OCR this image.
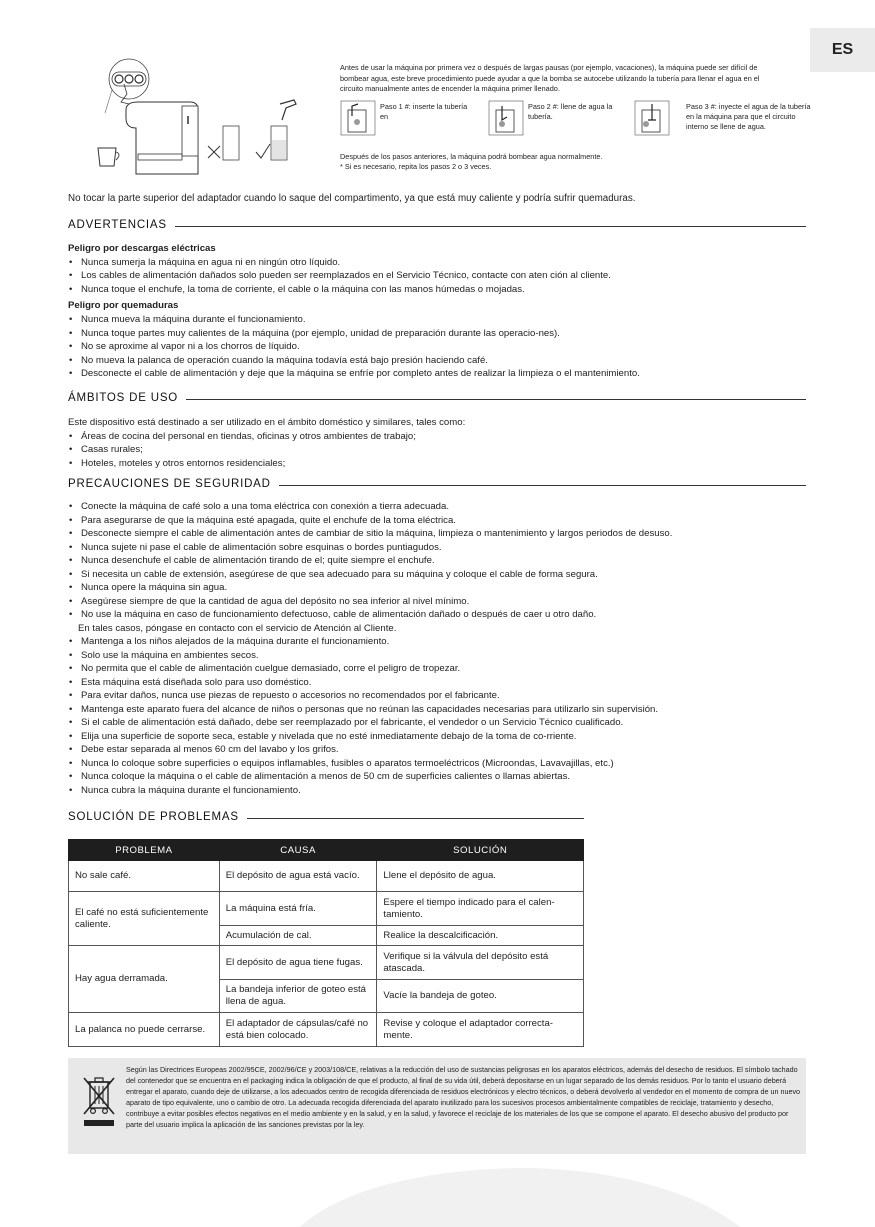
ES
Antes de usar la máquina por primera vez o después de largas pausas (por ejemplo, vacaciones), la máquina puede ser difícil de bombear agua, este breve procedimiento puede ayudar a que la bomba se autocebe utilizando la tubería para llenar el agua en el circuito manualmente antes de encender la máquina primer llenado.
Paso 1 #: inserte la tubería en
Paso 2 #: llene de agua la tubería.
Paso 3 #: inyecte el agua de la tubería en la máquina para que el circuito interno se llene de agua.
Después de los pasos anteriores, la máquina podrá bombear agua normalmente.
* Si es necesario, repita los pasos 2 o 3 veces.
No tocar la parte superior del adaptador cuando lo saque del compartimento, ya que está muy caliente y podría sufrir quemaduras.
ADVERTENCIAS
Peligro por descargas eléctricas
• Nunca sumerja la máquina en agua ni en ningún otro líquido.
• Los cables de alimentación dañados solo pueden ser reemplazados en el Servicio Técnico, contacte con aten ción al cliente.
• Nunca toque el enchufe, la toma de corriente, el cable o la máquina con las manos húmedas o mojadas.
Peligro por quemaduras
• Nunca mueva la máquina durante el funcionamiento.
• Nunca toque partes muy calientes de la máquina (por ejemplo, unidad de preparación durante las operacio-nes).
• No se aproxime al vapor ni a los chorros de líquido.
• No mueva la palanca de operación cuando la máquina todavía está bajo presión haciendo café.
• Desconecte el cable de alimentación y deje que la máquina se enfríe por completo antes de realizar la limpieza o el mantenimiento.
ÁMBITOS DE USO
Este dispositivo está destinado a ser utilizado en el ámbito doméstico y similares, tales como:
• Áreas de cocina del personal en tiendas, oficinas y otros ambientes de trabajo;
• Casas rurales;
• Hoteles, moteles y otros entornos residenciales;
PRECAUCIONES DE SEGURIDAD
• Conecte la máquina de café solo a una toma eléctrica con conexión a tierra adecuada.
• Para asegurarse de que la máquina esté apagada, quite el enchufe de la toma eléctrica.
• Desconecte siempre el cable de alimentación antes de cambiar de sitio la máquina, limpieza o mantenimiento y largos periodos de desuso.
• Nunca sujete ni pase el cable de alimentación sobre esquinas o bordes puntiagudos.
• Nunca desenchufe el cable de alimentación tirando de el; quite siempre el enchufe.
• Si necesita un cable de extensión, asegúrese de que sea adecuado para su máquina y coloque el cable de forma segura.
• Nunca opere la máquina sin agua.
• Asegúrese siempre de que la cantidad de agua del depósito no sea inferior al nivel mínimo.
• No use la máquina en caso de funcionamiento defectuoso, cable de alimentación dañado o después de caer u otro daño.
En tales casos, póngase en contacto con el servicio de Atención al Cliente.
• Mantenga a los niños alejados de la máquina durante el funcionamiento.
• Solo use la máquina en ambientes secos.
• No permita que el cable de alimentación cuelgue demasiado, corre el peligro de tropezar.
• Esta máquina está diseñada solo para uso doméstico.
• Para evitar daños, nunca use piezas de repuesto o accesorios no recomendados por el fabricante.
• Mantenga este aparato fuera del alcance de niños o personas que no reúnan las capacidades necesarias para utilizarlo sin supervisión.
• Si el cable de alimentación está dañado, debe ser reemplazado por el fabricante, el vendedor o un Servicio Técnico cualificado.
• Elija una superficie de soporte seca, estable y nivelada que no esté inmediatamente debajo de la toma de co-rriente.
• Debe estar separada al menos 60 cm del lavabo y los grifos.
• Nunca lo coloque sobre superficies o equipos inflamables, fusibles o aparatos termoeléctricos (Microondas, Lavavajillas, etc.)
• Nunca coloque la máquina o el cable de alimentación a menos de 50 cm de superficies calientes o llamas abiertas.
• Nunca cubra la máquina durante el funcionamiento.
SOLUCIÓN DE PROBLEMAS
PROBLEMA	CAUSA	SOLUCIÓN
No sale café.	El depósito de agua está vacío.	Llene el depósito de agua.
El café no está suficientemente caliente.	La máquina está fría.	Espere el tiempo indicado para el calen-tamiento.
	Acumulación de cal.	Realice la descalcificación.
Hay agua derramada.	El depósito de agua tiene fugas.	Verifique si la válvula del depósito está atascada.
	La bandeja inferior de goteo está llena de agua.	Vacíe la bandeja de goteo.
La palanca no puede cerrarse.	El adaptador de cápsulas/café no está bien colocado.	Revise y coloque el adaptador correcta-mente.
Según las Directrices Europeas 2002/95CE, 2002/96/CE y 2003/108/CE, relativas a la reducción del uso de sustancias peligrosas en los aparatos eléctricos, además del desecho de residuos. El símbolo tachado del contenedor que se encuentra en el packaging indica la obligación de que el producto, al final de su vida útil, deberá depositarse en un lugar separado de los demás residuos. Por lo tanto el usuario deberá entregar el aparato, cuando deje de utilizarse, a los adecuados centro de recogida diferenciada de residuos electrónicos y electro técnicos, o deberá devolverlo al vendedor en el momento de compra de un nuevo aparato de tipo equivalente, uno o cambio de otro. La adecuada recogida diferenciada del aparato inutilizado para los sucesivos procesos ambientalmente compatibles de reciclaje, tratamiento y desecho, contribuye a evitar posibles efectos negativos en el medio ambiente y en la salud, y en la salud, y favorece el reciclaje de los materiales de los que se compone el aparato. El desecho abusivo del producto por parte del usuario implica la aplicación de las sanciones previstas por la ley.
